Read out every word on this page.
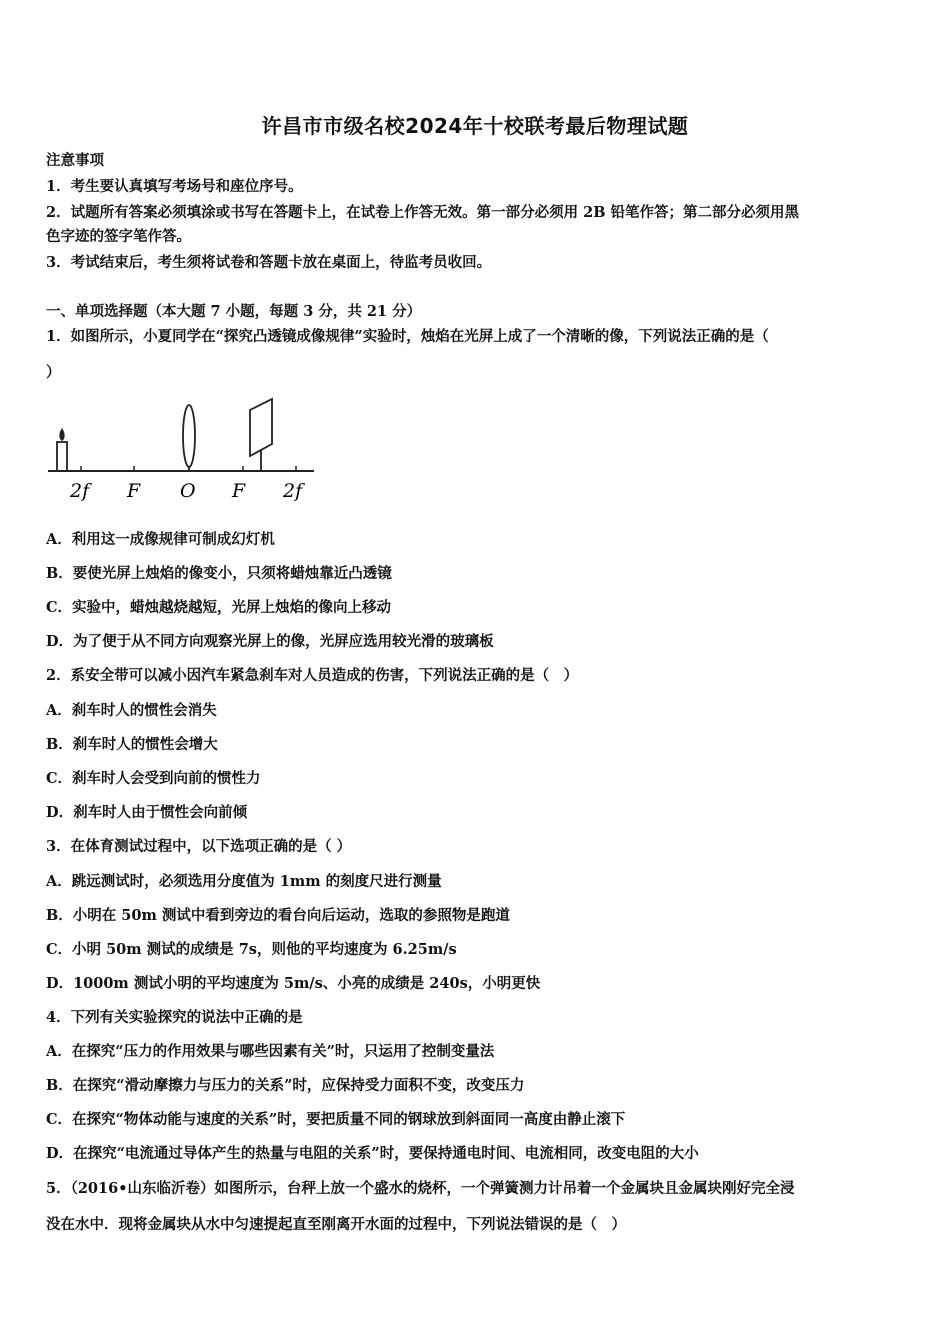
许昌市市级名校2024年十校联考最后物理试题
注意事项
1．考生要认真填写考场号和座位序号。
2．试题所有答案必须填涂或书写在答题卡上，在试卷上作答无效。第一部分必须用 2B 铅笔作答；第二部分必须用黑
色字迹的签字笔作答。
3．考试结束后，考生须将试卷和答题卡放在桌面上，待监考员收回。
一、单项选择题（本大题 7 小题，每题 3 分，共 21 分）
1．如图所示，小夏同学在“探究凸透镜成像规律”实验时，烛焰在光屏上成了一个清晰的像，下列说法正确的是（
）
2f F O F 2f
A．利用这一成像规律可制成幻灯机
B．要使光屏上烛焰的像变小，只须将蜡烛靠近凸透镜
C．实验中，蜡烛越烧越短，光屏上烛焰的像向上移动
D．为了便于从不同方向观察光屏上的像，光屏应选用较光滑的玻璃板
2．系安全带可以减小因汽车紧急刹车对人员造成的伤害，下列说法正确的是（　）
A．刹车时人的惯性会消失
B．刹车时人的惯性会增大
C．刹车时人会受到向前的惯性力
D．刹车时人由于惯性会向前倾
3．在体育测试过程中，以下选项正确的是（ ）
A．跳远测试时，必须选用分度值为 1mm 的刻度尺进行测量
B．小明在 50m 测试中看到旁边的看台向后运动，选取的参照物是跑道
C．小明 50m 测试的成绩是 7s，则他的平均速度为 6.25m/s
D．1000m 测试小明的平均速度为 5m/s、小亮的成绩是 240s，小明更快
4．下列有关实验探究的说法中正确的是
A．在探究“压力的作用效果与哪些因素有关”时，只运用了控制变量法
B．在探究“滑动摩擦力与压力的关系”时，应保持受力面积不变，改变压力
C．在探究“物体动能与速度的关系”时，要把质量不同的钢球放到斜面同一高度由静止滚下
D．在探究“电流通过导体产生的热量与电阻的关系”时，要保持通电时间、电流相同，改变电阻的大小
5．（2016•山东临沂卷）如图所示，台秤上放一个盛水的烧杯，一个弹簧测力计吊着一个金属块且金属块刚好完全浸
没在水中．现将金属块从水中匀速提起直至刚离开水面的过程中，下列说法错误的是（　）
